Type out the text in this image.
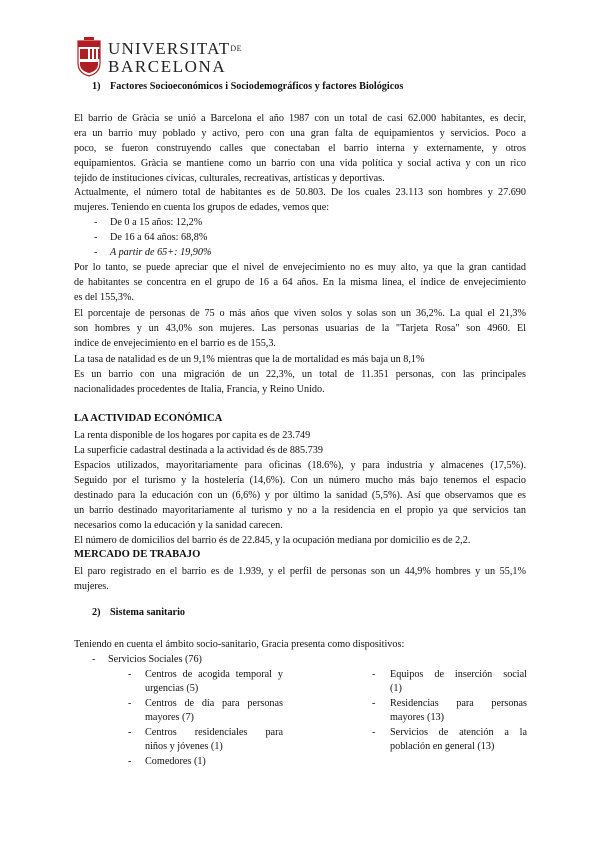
UNIVERSITATDE
BARCELONA
1) Factores Socioeconómicos i Sociodemográficos y factores Biológicos
El barrio de Gràcia se unió a Barcelona el año 1987 con un total de casi 62.000 habitantes, es decir,
era un barrio muy poblado y activo, pero con una gran falta de equipamientos y servicios. Poco a
poco, se fueron construyendo calles que conectaban el barrio interna y externamente, y otros
equipamientos. Gràcia se mantiene como un barrio con una vida política y social activa y con un rico
tejido de instituciones cívicas, culturales, recreativas, artísticas y deportivas.
Actualmente, el número total de habitantes es de 50.803. De los cuales 23.113 son hombres y 27.690
mujeres. Teniendo en cuenta los grupos de edades, vemos que:
- De 0 a 15 años: 12,2%
- De 16 a 64 años: 68,8%
- A partir de 65+: 19,90%
Por lo tanto, se puede apreciar que el nivel de envejecimiento no es muy alto, ya que la gran cantidad
de habitantes se concentra en el grupo de 16 a 64 años. En la misma línea, el índice de envejecimiento
es del 155,3%.
El porcentaje de personas de 75 o más años que viven solos y solas son un 36,2%. La qual el 21,3%
son hombres y un 43,0% son mujeres. Las personas usuarias de la "Tarjeta Rosa" son 4960. El
índice de envejecimiento en el barrio es de 155,3.
La tasa de natalidad es de un 9,1% mientras que la de mortalidad es más baja un 8,1%
Es un barrio con una migración de un 22,3%, un total de 11.351 personas, con las principales
nacionalidades procedentes de Italia, Francia, y Reino Unido.
LA ACTIVIDAD ECONÓMICA
La renta disponible de los hogares por capita es de 23.749
La superficie cadastral destinada a la actividad és de 885.739
Espacios utilizados, mayoritariamente para oficinas (18.6%), y para industria y almacenes (17,5%).
Seguido por el turismo y la hostelería (14,6%). Con un número mucho más bajo tenemos el espacio
destinado para la educación con un (6,6%) y por último la sanidad (5,5%). Así que observamos que es
un barrio destinado mayoritariamente al turismo y no a la residencia en el propio ya que servicios tan
necesarios como la educación y la sanidad carecen.
El número de domicilios del barrio és de 22.845, y la ocupación mediana por domicilio es de 2,2.
MERCADO DE TRABAJO
El paro registrado en el barrio es de 1.939, y el perfil de personas son un 44,9% hombres y un 55,1%
mujeres.
2) Sistema sanitario
Teniendo en cuenta el ámbito socio-sanitario, Gracia presenta como dispositivos:
- Servicios Sociales (76)
- Centros de acogida temporal y
urgencias (5)
- Centros de día para personas
mayores (7)
- Centros residenciales para
niños y jóvenes (1)
- Comedores (1)
- Equipos de inserción social
(1)
- Residencias para personas
mayores (13)
- Servicios de atención a la
población en general (13)
